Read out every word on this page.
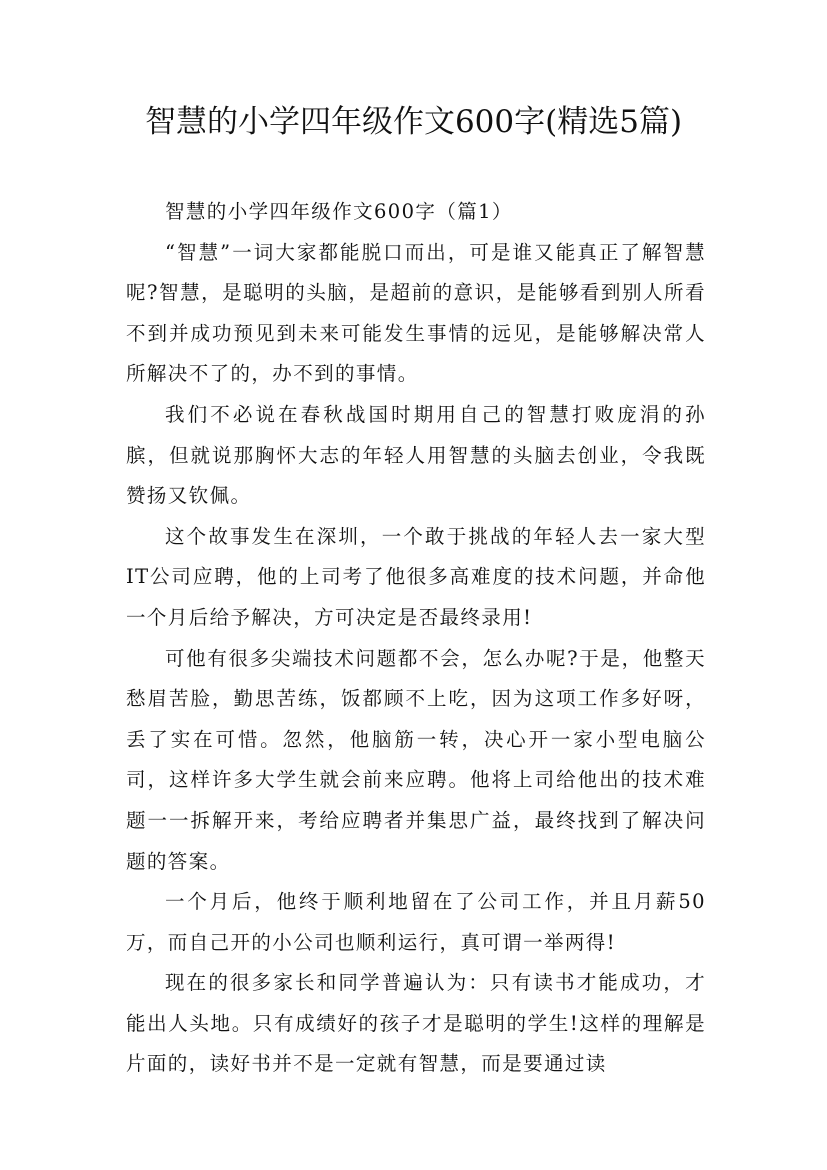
智慧的小学四年级作文600字(精选5篇)

智慧的小学四年级作文600字（篇1）

“智慧”一词大家都能脱口而出，可是谁又能真正了解智慧呢?智慧，是聪明的头脑，是超前的意识，是能够看到别人所看不到并成功预见到未来可能发生事情的远见，是能够解决常人所解决不了的，办不到的事情。

我们不必说在春秋战国时期用自己的智慧打败庞涓的孙膑，但就说那胸怀大志的年轻人用智慧的头脑去创业，令我既赞扬又钦佩。

这个故事发生在深圳，一个敢于挑战的年轻人去一家大型IT公司应聘，他的上司考了他很多高难度的技术问题，并命他一个月后给予解决，方可决定是否最终录用!

可他有很多尖端技术问题都不会，怎么办呢?于是，他整天愁眉苦脸，勤思苦练，饭都顾不上吃，因为这项工作多好呀，丢了实在可惜。忽然，他脑筋一转，决心开一家小型电脑公司，这样许多大学生就会前来应聘。他将上司给他出的技术难题一一拆解开来，考给应聘者并集思广益，最终找到了解决问题的答案。

一个月后，他终于顺利地留在了公司工作，并且月薪50万，而自己开的小公司也顺利运行，真可谓一举两得!

现在的很多家长和同学普遍认为：只有读书才能成功，才能出人头地。只有成绩好的孩子才是聪明的学生!这样的理解是片面的，读好书并不是一定就有智慧，而是要通过读
